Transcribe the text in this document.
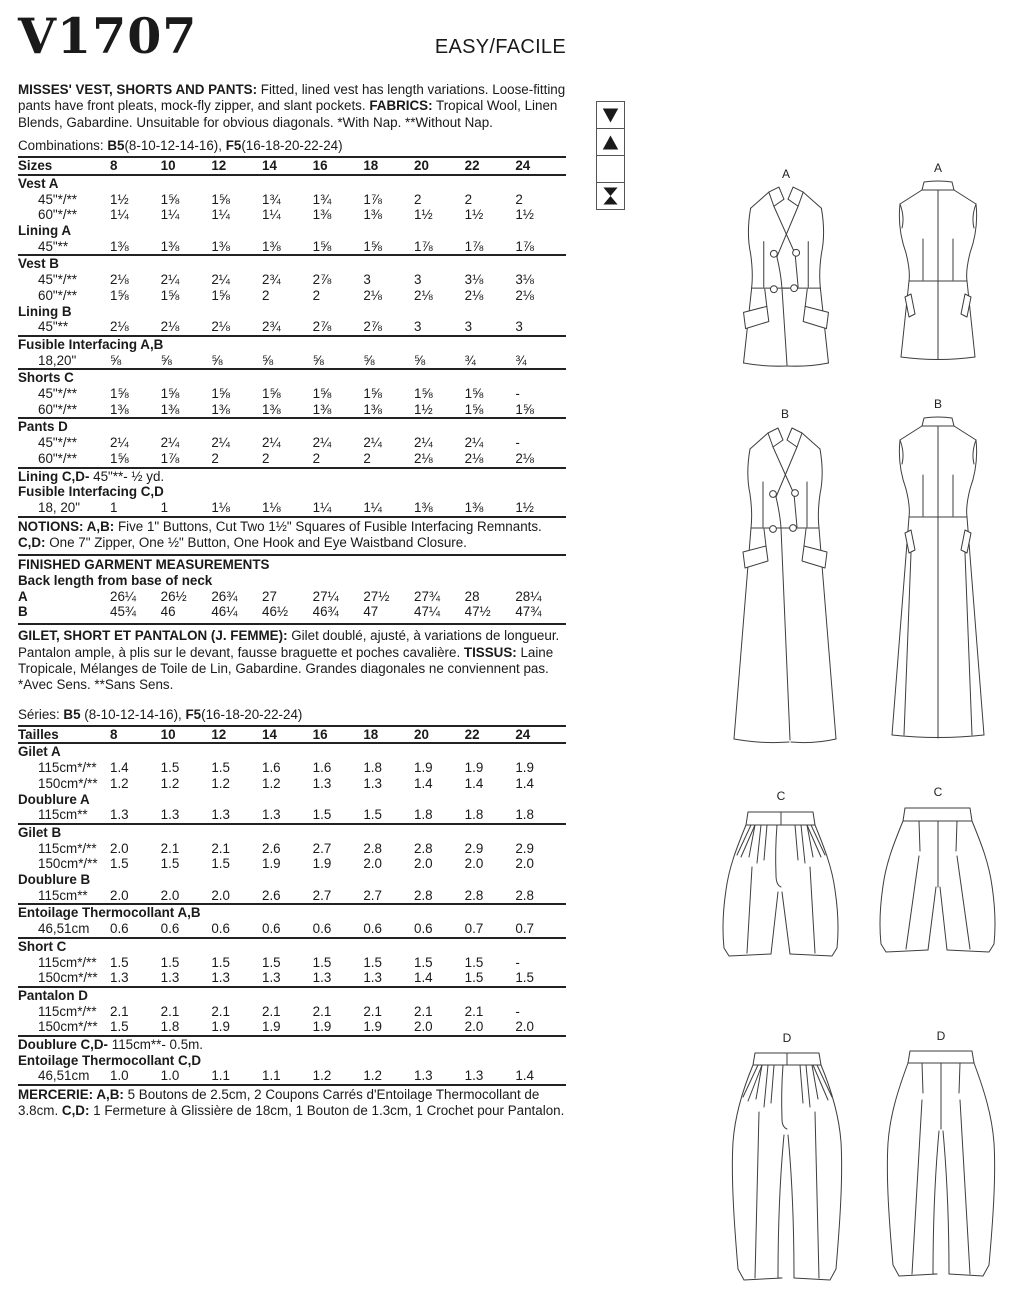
V1707	EASY/FACILE

MISSES' VEST, SHORTS AND PANTS: Fitted, lined vest has length variations. Loose-fitting pants have front pleats, mock-fly zipper, and slant pockets. FABRICS: Tropical Wool, Linen Blends, Gabardine. Unsuitable for obvious diagonals. *With Nap. **Without Nap.

Combinations: B5(8-10-12-14-16), F5(16-18-20-22-24)

Sizes	8	10	12	14	16	18	20	22	24
Vest A
45"*/**	1½	1⅝	1⅝	1¾	1¾	1⅞	2	2	2
60"*/**	1¼	1¼	1¼	1¼	1⅜	1⅜	1½	1½	1½
Lining A
45"**	1⅜	1⅜	1⅜	1⅜	1⅝	1⅝	1⅞	1⅞	1⅞
Vest B
45"*/**	2⅛	2¼	2¼	2¾	2⅞	3	3	3⅛	3⅛
60"*/**	1⅝	1⅝	1⅝	2	2	2⅛	2⅛	2⅛	2⅛
Lining B
45"**	2⅛	2⅛	2⅛	2¾	2⅞	2⅞	3	3	3
Fusible Interfacing A,B
18,20"	⅝	⅝	⅝	⅝	⅝	⅝	⅝	¾	¾
Shorts C
45"*/**	1⅝	1⅝	1⅝	1⅝	1⅝	1⅝	1⅝	1⅝	-
60"*/**	1⅜	1⅜	1⅜	1⅜	1⅜	1⅜	1½	1⅝	1⅝
Pants D
45"*/**	2¼	2¼	2¼	2¼	2¼	2¼	2¼	2¼	-
60"*/**	1⅝	1⅞	2	2	2	2	2⅛	2⅛	2⅛
Lining C,D- 45"**- ½ yd.
Fusible Interfacing C,D
18, 20"	1	1	1⅛	1⅛	1¼	1¼	1⅜	1⅜	1½

NOTIONS: A,B: Five 1" Buttons, Cut Two 1½" Squares of Fusible Interfacing Remnants. C,D: One 7" Zipper, One ½" Button, One Hook and Eye Waistband Closure.

FINISHED GARMENT MEASUREMENTS
Back length from base of neck
A	26¼	26½	26¾	27	27¼	27½	27¾	28	28¼
B	45¾	46	46¼	46½	46¾	47	47¼	47½	47¾

GILET, SHORT ET PANTALON (J. FEMME): Gilet doublé, ajusté, à variations de longueur. Pantalon ample, à plis sur le devant, fausse braguette et poches cavalière. TISSUS: Laine Tropicale, Mélanges de Toile de Lin, Gabardine. Grandes diagonales ne conviennent pas. *Avec Sens. **Sans Sens.

Séries: B5 (8-10-12-14-16), F5(16-18-20-22-24)

Tailles	8	10	12	14	16	18	20	22	24
Gilet A
115cm*/**	1.4	1.5	1.5	1.6	1.6	1.8	1.9	1.9	1.9
150cm*/** 1.2	1.2	1.2	1.2	1.3	1.3	1.4	1.4	1.4
Doublure A
115cm**	1.3	1.3	1.3	1.3	1.5	1.5	1.8	1.8	1.8
Gilet B
115cm*/**	2.0	2.1	2.1	2.6	2.7	2.8	2.8	2.9	2.9
150cm*/** 1.5	1.5	1.5	1.9	1.9	2.0	2.0	2.0	2.0
Doublure B
115cm**	2.0	2.0	2.0	2.6	2.7	2.7	2.8	2.8	2.8
Entoilage Thermocollant A,B
46,51cm	0.6	0.6	0.6	0.6	0.6	0.6	0.6	0.7	0.7
Short C
115cm*/**	1.5	1.5	1.5	1.5	1.5	1.5	1.5	1.5	-
150cm*/** 1.3	1.3	1.3	1.3	1.3	1.3	1.4	1.5	1.5
Pantalon D
115cm*/**	2.1	2.1	2.1	2.1	2.1	2.1	2.1	2.1	-
150cm*/** 1.5	1.8	1.9	1.9	1.9	1.9	2.0	2.0	2.0
Doublure C,D- 115cm**- 0.5m.
Entoilage Thermocollant C,D
46,51cm	1.0	1.0	1.1	1.1	1.2	1.2	1.3	1.3	1.4

MERCERIE: A,B: 5 Boutons de 2.5cm, 2 Coupons Carrés d'Entoilage Thermocollant de 3.8cm. C,D: 1 Fermeture à Glissière de 18cm, 1 Bouton de 1.3cm, 1 Crochet pour Pantalon.

A	A
B
B
C	C
D	D
